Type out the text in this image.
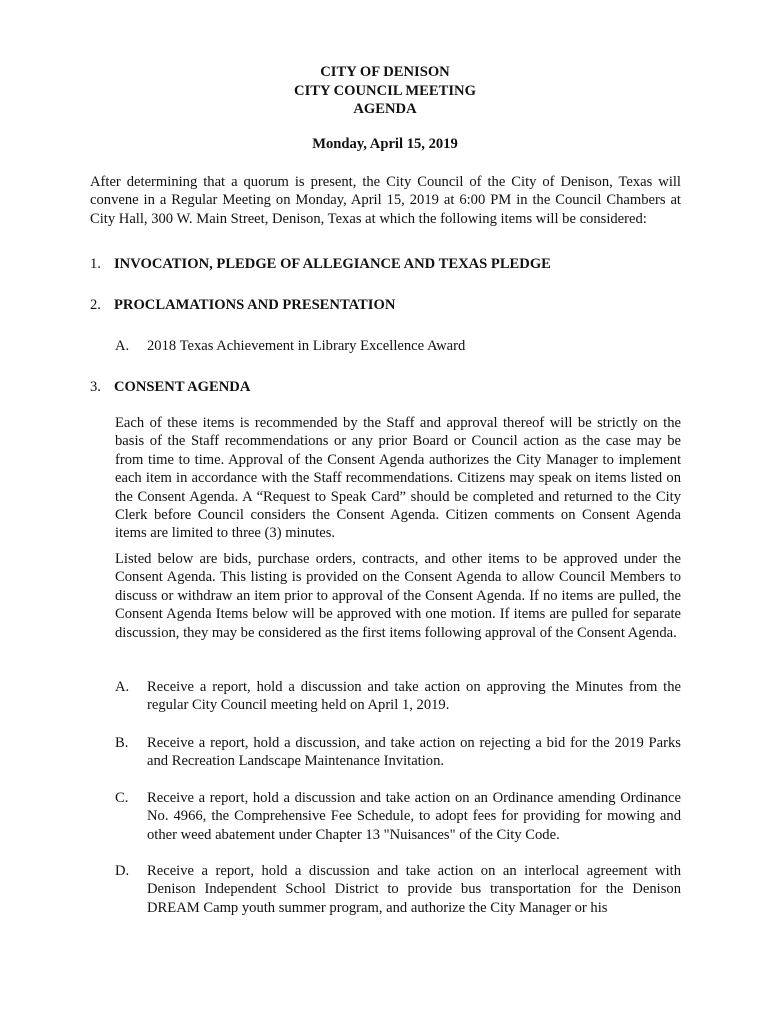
CITY OF DENISON
CITY COUNCIL MEETING
AGENDA
Monday, April 15, 2019
After determining that a quorum is present, the City Council of the City of Denison, Texas will convene in a Regular Meeting on Monday, April 15, 2019 at 6:00 PM in the Council Chambers at City Hall, 300 W. Main Street, Denison, Texas at which the following items will be considered:
1. INVOCATION, PLEDGE OF ALLEGIANCE AND TEXAS PLEDGE
2. PROCLAMATIONS AND PRESENTATION
A. 2018 Texas Achievement in Library Excellence Award
3. CONSENT AGENDA
Each of these items is recommended by the Staff and approval thereof will be strictly on the basis of the Staff recommendations or any prior Board or Council action as the case may be from time to time. Approval of the Consent Agenda authorizes the City Manager to implement each item in accordance with the Staff recommendations. Citizens may speak on items listed on the Consent Agenda. A “Request to Speak Card” should be completed and returned to the City Clerk before Council considers the Consent Agenda. Citizen comments on Consent Agenda items are limited to three (3) minutes.
Listed below are bids, purchase orders, contracts, and other items to be approved under the Consent Agenda. This listing is provided on the Consent Agenda to allow Council Members to discuss or withdraw an item prior to approval of the Consent Agenda. If no items are pulled, the Consent Agenda Items below will be approved with one motion. If items are pulled for separate discussion, they may be considered as the first items following approval of the Consent Agenda.
A. Receive a report, hold a discussion and take action on approving the Minutes from the regular City Council meeting held on April 1, 2019.
B. Receive a report, hold a discussion, and take action on rejecting a bid for the 2019 Parks and Recreation Landscape Maintenance Invitation.
C. Receive a report, hold a discussion and take action on an Ordinance amending Ordinance No. 4966, the Comprehensive Fee Schedule, to adopt fees for providing for mowing and other weed abatement under Chapter 13 "Nuisances" of the City Code.
D. Receive a report, hold a discussion and take action on an interlocal agreement with Denison Independent School District to provide bus transportation for the Denison DREAM Camp youth summer program, and authorize the City Manager or his
